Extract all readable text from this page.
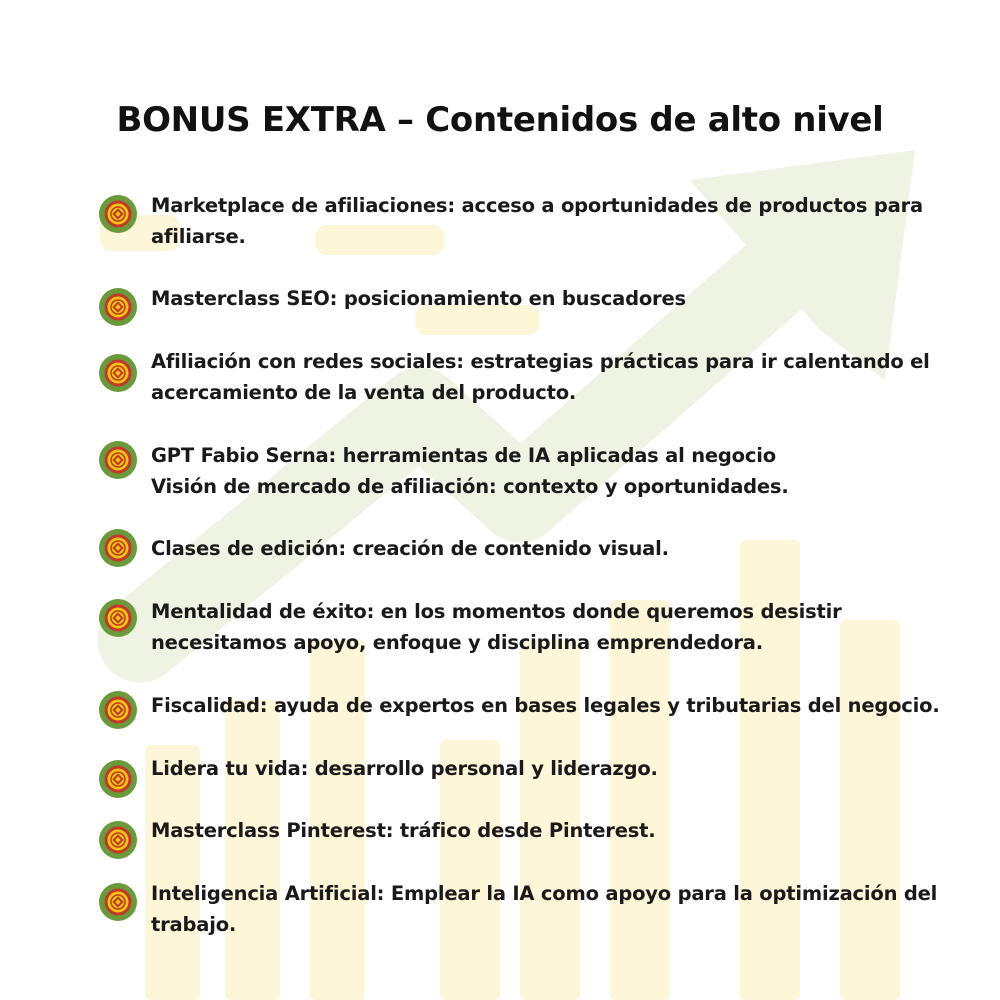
BONUS EXTRA – Contenidos de alto nivel

Marketplace de afiliaciones: acceso a oportunidades de productos para
afiliarse.

Masterclass SEO: posicionamiento en buscadores

Afiliación con redes sociales: estrategias prácticas para ir calentando el
acercamiento de la venta del producto.

GPT Fabio Serna: herramientas de IA aplicadas al negocio
Visión de mercado de afiliación: contexto y oportunidades.

Clases de edición: creación de contenido visual.

Mentalidad de éxito: en los momentos donde queremos desistir
necesitamos apoyo, enfoque y disciplina emprendedora.

Fiscalidad: ayuda de expertos en bases legales y tributarias del negocio.

Lidera tu vida: desarrollo personal y liderazgo.

Masterclass Pinterest: tráfico desde Pinterest.

Inteligencia Artificial: Emplear la IA como apoyo para la optimización del
trabajo.
